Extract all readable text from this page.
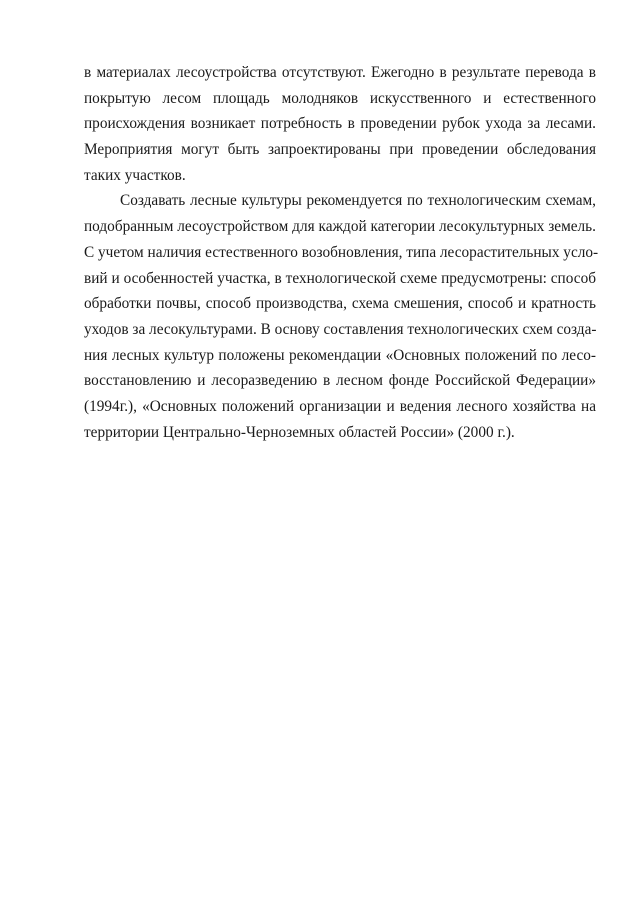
в материалах лесоустройства отсутствуют. Ежегодно в результате перевода в
покрытую лесом площадь молодняков искусственного и естественного
происхождения возникает потребность в проведении рубок ухода за лесами.
Мероприятия могут быть запроектированы при проведении обследования
таких участков.
Создавать лесные культуры рекомендуется по технологическим схемам,
подобранным лесоустройством для каждой категории лесокультурных земель.
С учетом наличия естественного возобновления, типа лесорастительных усло-
вий и особенностей участка, в технологической схеме предусмотрены: способ
обработки почвы, способ производства, схема смешения, способ и кратность
уходов за лесокультурами. В основу составления технологических схем созда-
ния лесных культур положены рекомендации «Основных положений по лесо-
восстановлению и лесоразведению в лесном фонде Российской Федерации»
(1994г.), «Основных положений организации и ведения лесного хозяйства на
территории Центрально-Черноземных областей России» (2000 г.).
